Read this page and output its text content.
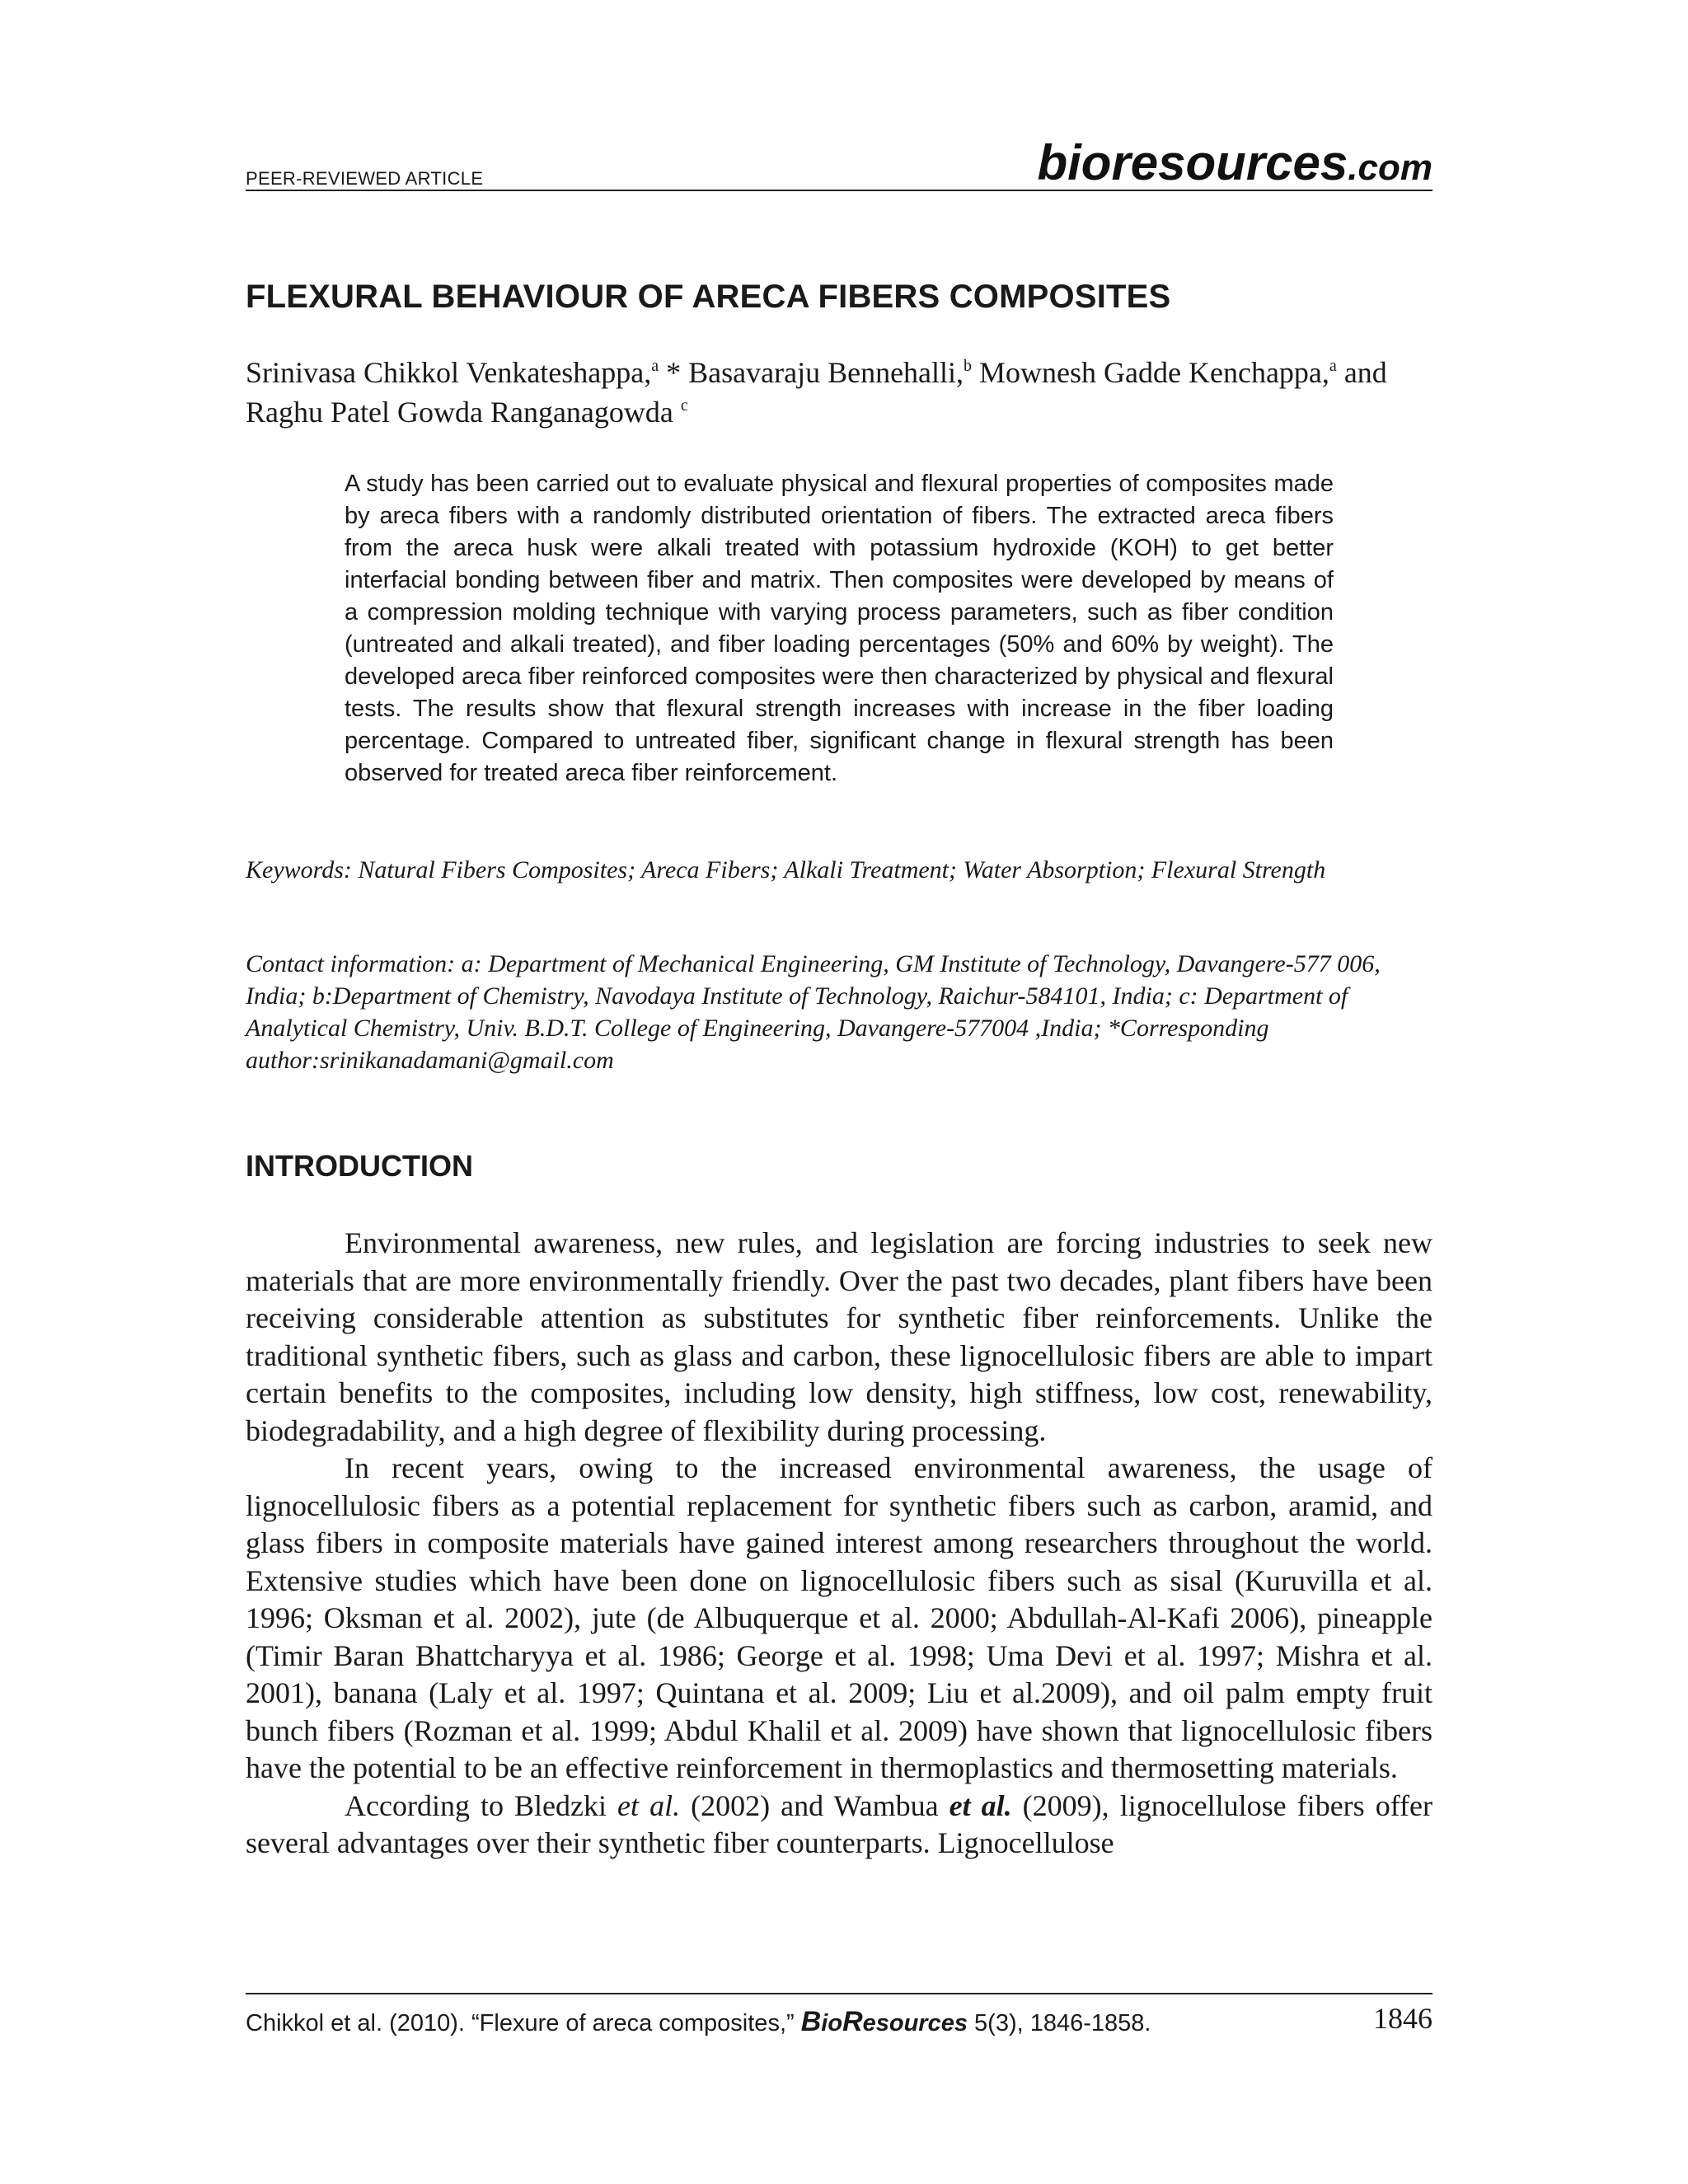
PEER-REVIEWED ARTICLE	bioresources.com
FLEXURAL BEHAVIOUR OF ARECA FIBERS COMPOSITES

Srinivasa Chikkol Venkateshappa,$^a$ * Basavaraju Bennehalli,$^b$ Mownesh Gadde Kenchappa,$^a$ and Raghu Patel Gowda Ranganagowda $^c$

A study has been carried out to evaluate physical and flexural properties of composites made by areca fibers with a randomly distributed orientation of fibers. The extracted areca fibers from the areca husk were alkali treated with potassium hydroxide (KOH) to get better interfacial bonding between fiber and matrix. Then composites were developed by means of a compression molding technique with varying process parameters, such as fiber condition (untreated and alkali treated), and fiber loading percentages (50% and 60% by weight). The developed areca fiber reinforced composites were then characterized by physical and flexural tests. The results show that flexural strength increases with increase in the fiber loading percentage. Compared to untreated fiber, significant change in flexural strength has been observed for treated areca fiber reinforcement.

Keywords: Natural Fibers Composites; Areca Fibers; Alkali Treatment; Water Absorption; Flexural Strength

Contact information: a: Department of Mechanical Engineering, GM Institute of Technology, Davangere-577 006, India; b:Department of Chemistry, Navodaya Institute of Technology, Raichur-584101, India; c: Department of Analytical Chemistry, Univ. B.D.T. College of Engineering, Davangere-577004 ,India; *Corresponding author:srinikanadamani@gmail.com

INTRODUCTION

Environmental awareness, new rules, and legislation are forcing industries to seek new materials that are more environmentally friendly. Over the past two decades, plant fibers have been receiving considerable attention as substitutes for synthetic fiber reinforcements. Unlike the traditional synthetic fibers, such as glass and carbon, these lignocellulosic fibers are able to impart certain benefits to the composites, including low density, high stiffness, low cost, renewability, biodegradability, and a high degree of flexibility during processing.

In recent years, owing to the increased environmental awareness, the usage of lignocellulosic fibers as a potential replacement for synthetic fibers such as carbon, aramid, and glass fibers in composite materials have gained interest among researchers throughout the world. Extensive studies which have been done on lignocellulosic fibers such as sisal (Kuruvilla et al. 1996; Oksman et al. 2002), jute (de Albuquerque et al. 2000; Abdullah-Al-Kafi 2006), pineapple (Timir Baran Bhattcharyya et al. 1986; George et al. 1998; Uma Devi et al. 1997; Mishra et al. 2001), banana (Laly et al. 1997; Quintana et al. 2009; Liu et al.2009), and oil palm empty fruit bunch fibers (Rozman et al. 1999; Abdul Khalil et al. 2009) have shown that lignocellulosic fibers have the potential to be an effective reinforcement in thermoplastics and thermosetting materials.

According to Bledzki et al. (2002) and Wambua et al. (2009), lignocellulose fibers offer several advantages over their synthetic fiber counterparts. Lignocellulose

Chikkol et al. (2010). “Flexure of areca composites,” BioResources 5(3), 1846-1858.	1846
